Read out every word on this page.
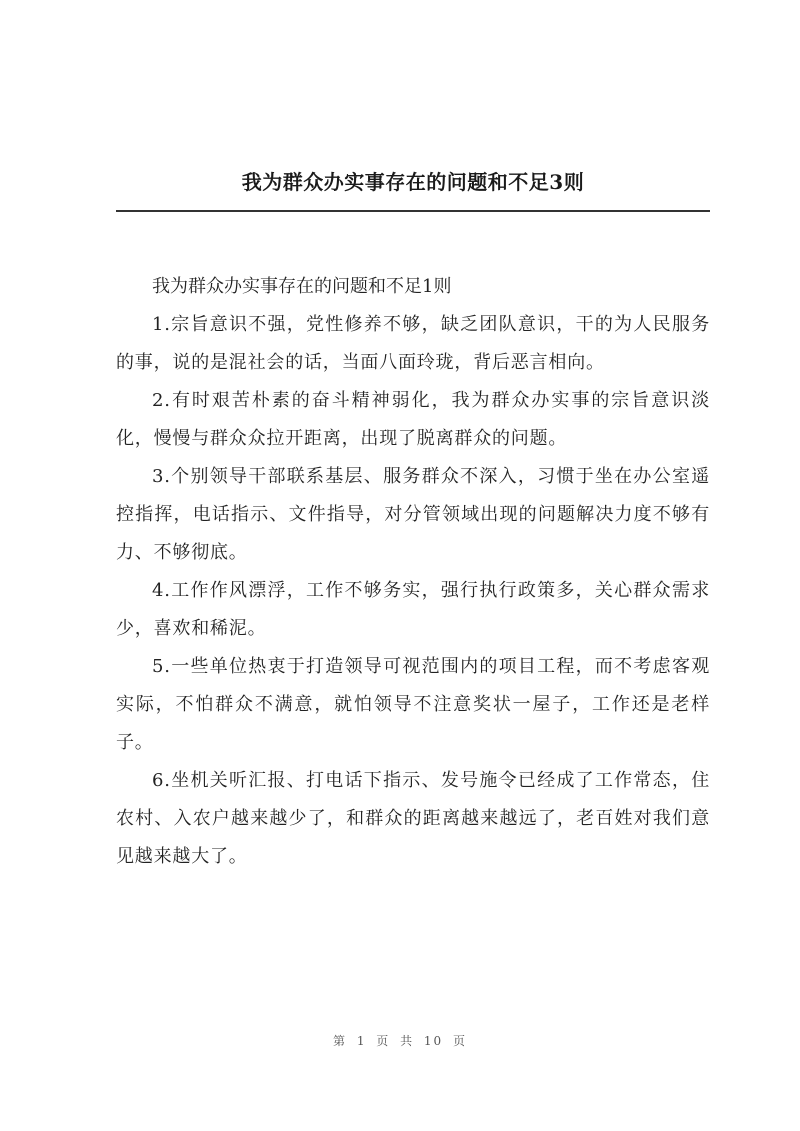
我为群众办实事存在的问题和不足3则

我为群众办实事存在的问题和不足1则

1.宗旨意识不强，党性修养不够，缺乏团队意识，干的为人民服务的事，说的是混社会的话，当面八面玲珑，背后恶言相向。

2.有时艰苦朴素的奋斗精神弱化，我为群众办实事的宗旨意识淡化，慢慢与群众众拉开距离，出现了脱离群众的问题。

3.个别领导干部联系基层、服务群众不深入，习惯于坐在办公室遥控指挥，电话指示、文件指导，对分管领域出现的问题解决力度不够有力、不够彻底。

4.工作作风漂浮，工作不够务实，强行执行政策多，关心群众需求少，喜欢和稀泥。

5.一些单位热衷于打造领导可视范围内的项目工程，而不考虑客观实际，不怕群众不满意，就怕领导不注意奖状一屋子，工作还是老样子。

6.坐机关听汇报、打电话下指示、发号施令已经成了工作常态，住农村、入农户越来越少了，和群众的距离越来越远了，老百姓对我们意见越来越大了。

第 1 页 共 10 页
